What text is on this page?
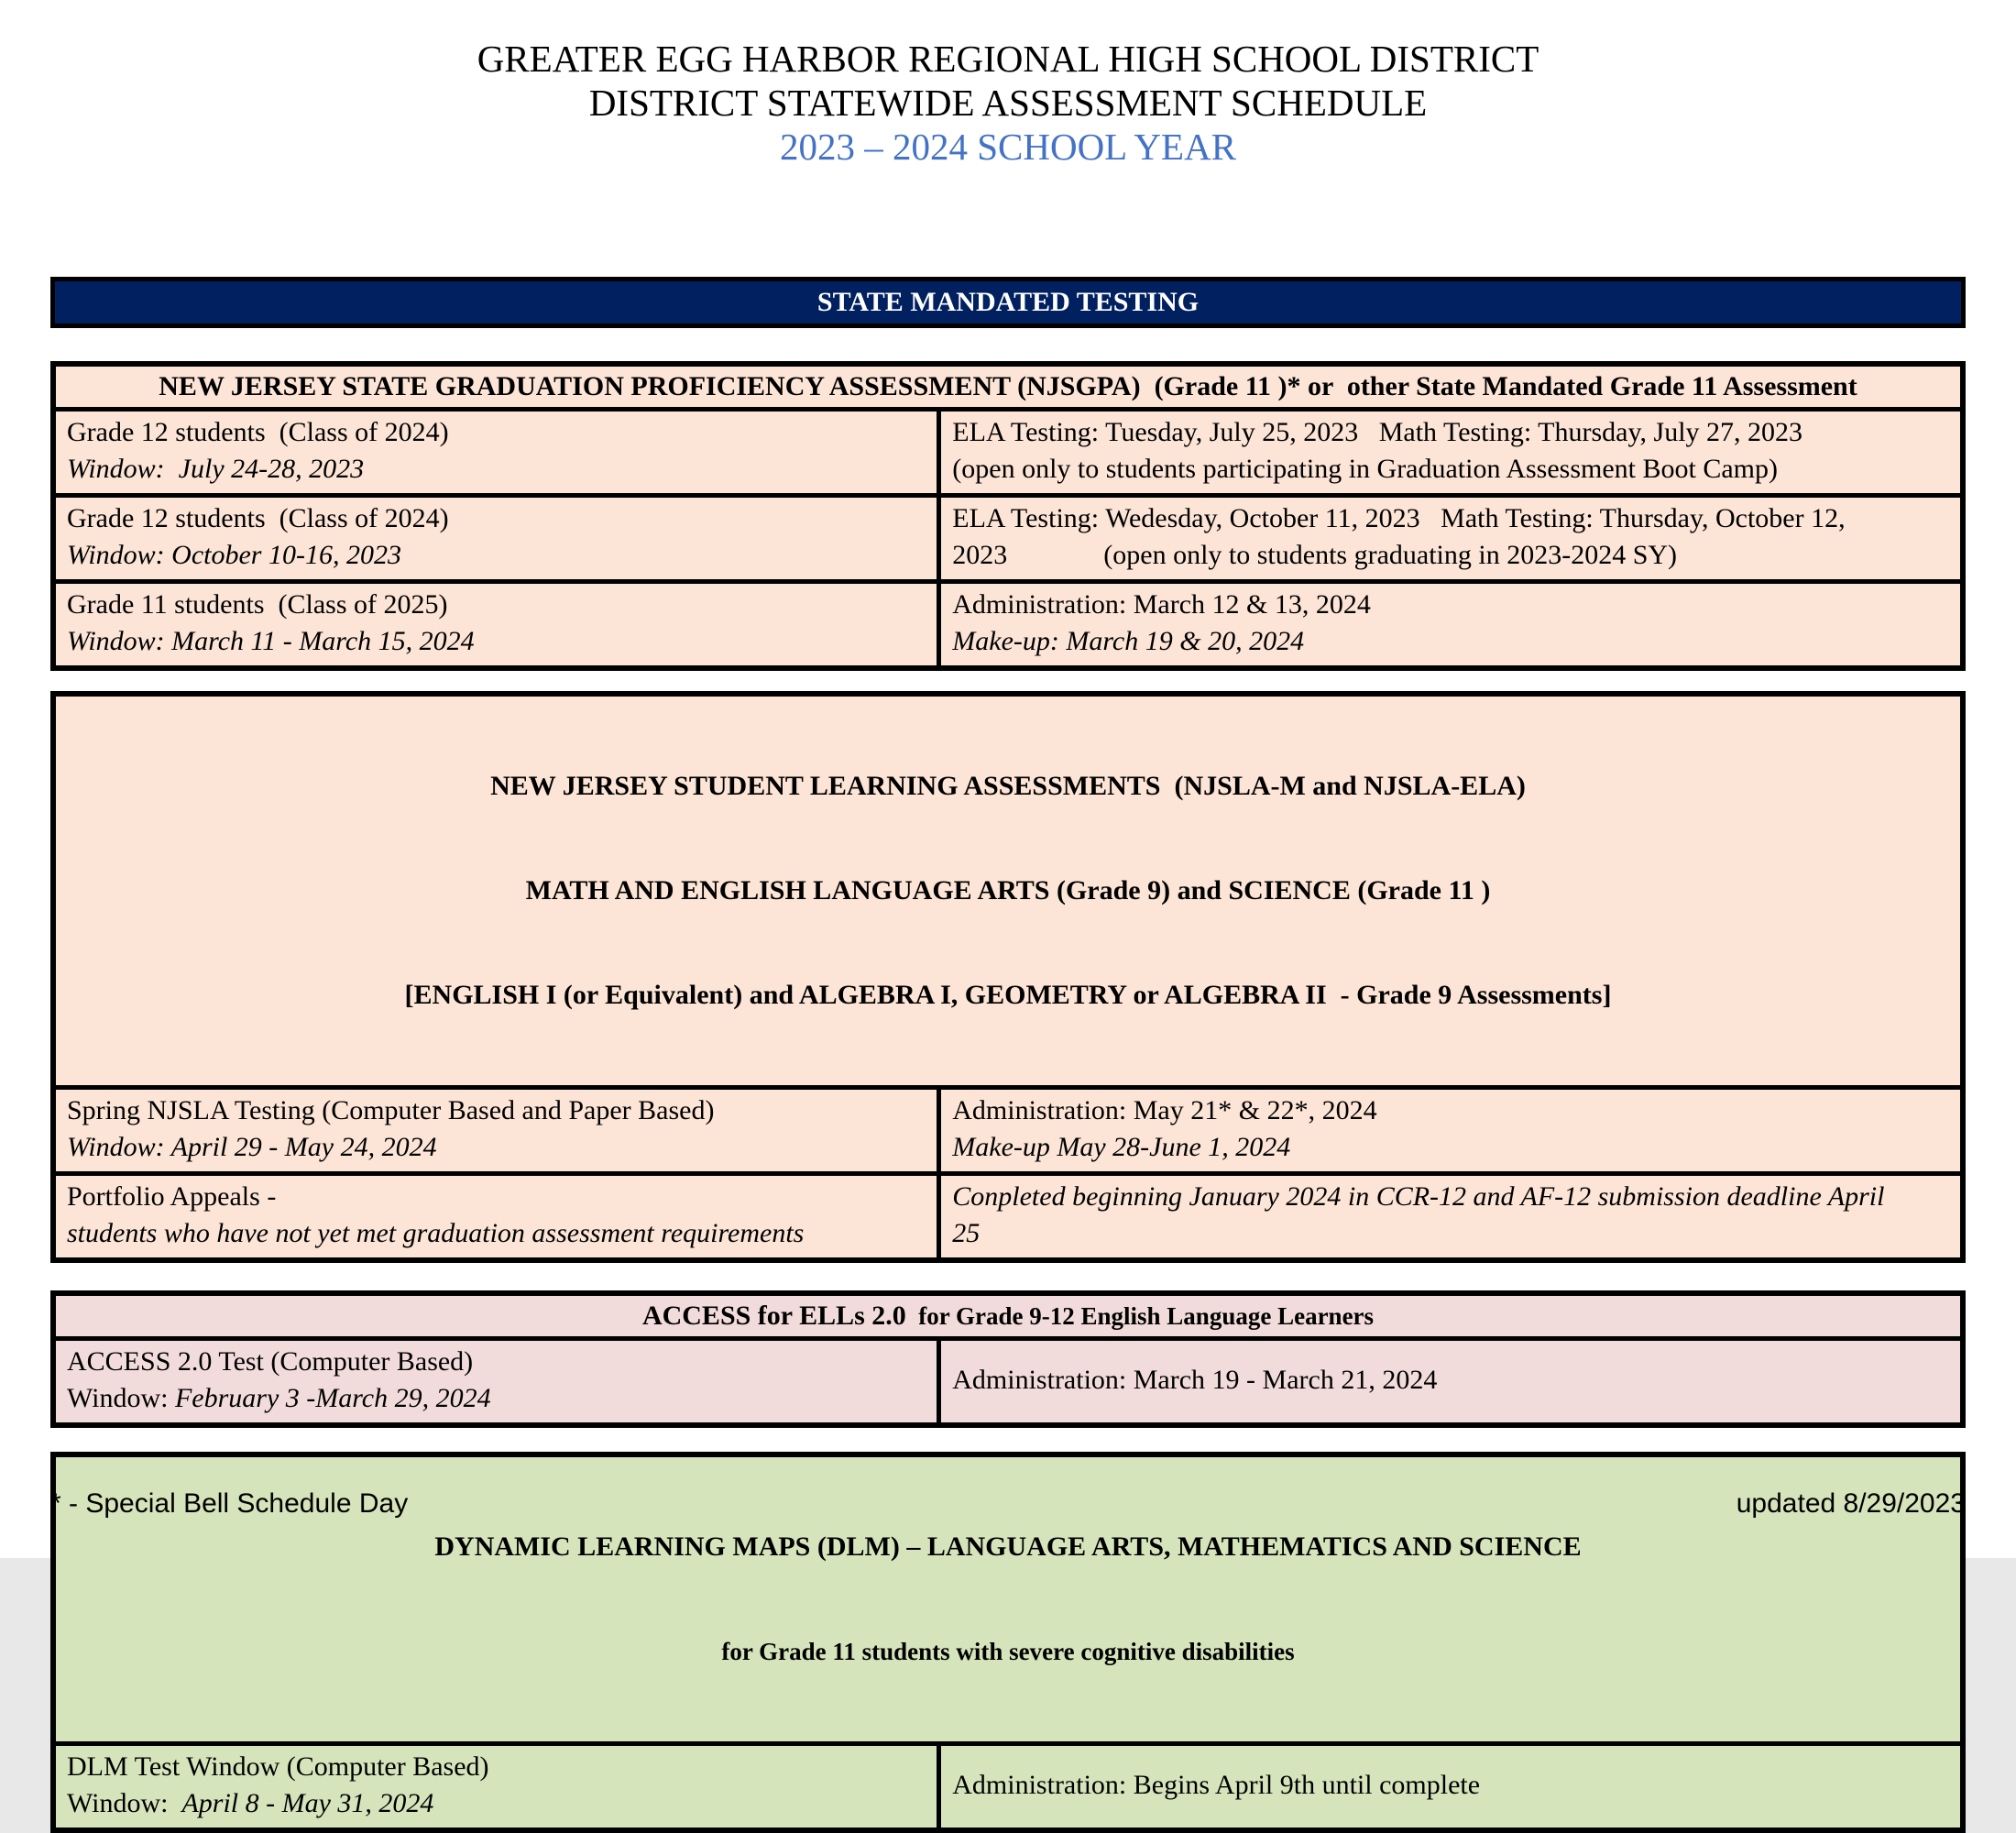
GREATER EGG HARBOR REGIONAL HIGH SCHOOL DISTRICT
DISTRICT STATEWIDE ASSESSMENT SCHEDULE
2023 – 2024 SCHOOL YEAR
STATE MANDATED TESTING
NEW JERSEY STATE GRADUATION PROFICIENCY ASSESSMENT (NJSGPA)  (Grade 11 )* or  other State Mandated Grade 11 Assessment
Grade 12 students  (Class of 2024)
Window:  July 24-28, 2023
ELA Testing: Tuesday, July 25, 2023   Math Testing: Thursday, July 27, 2023
(open only to students participating in Graduation Assessment Boot Camp)
Grade 12 students  (Class of 2024)
Window: October 10-16, 2023
ELA Testing: Wedesday, October 11, 2023   Math Testing: Thursday, October 12,
2023              (open only to students graduating in 2023-2024 SY)
Grade 11 students  (Class of 2025)
Window: March 11 - March 15, 2024
Administration: March 12 & 13, 2024
Make-up: March 19 & 20, 2024

NEW JERSEY STUDENT LEARNING ASSESSMENTS  (NJSLA-M and NJSLA-ELA)

MATH AND ENGLISH LANGUAGE ARTS (Grade 9) and SCIENCE (Grade 11 )

[ENGLISH I (or Equivalent) and ALGEBRA I, GEOMETRY or ALGEBRA II  - Grade 9 Assessments]

Spring NJSLA Testing (Computer Based and Paper Based)
Window: April 29 - May 24, 2024
Administration: May 21* & 22*, 2024
Make-up May 28-June 1, 2024
Portfolio Appeals -
students who have not yet met graduation assessment requirements
Conpleted beginning January 2024 in CCR-12 and AF-12 submission deadline April
25
ACCESS for ELLs 2.0  for Grade 9-12 English Language Learners
ACCESS 2.0 Test (Computer Based)
Window: February 3 -March 29, 2024
Administration: March 19 - March 21, 2024

DYNAMIC LEARNING MAPS (DLM) – LANGUAGE ARTS, MATHEMATICS AND SCIENCE

for Grade 11 students with severe cognitive disabilities

DLM Test Window (Computer Based)
Window:  April 8 - May 31, 2024
Administration: Begins April 9th until complete
* - Special Bell Schedule Day	updated 8/29/2023
